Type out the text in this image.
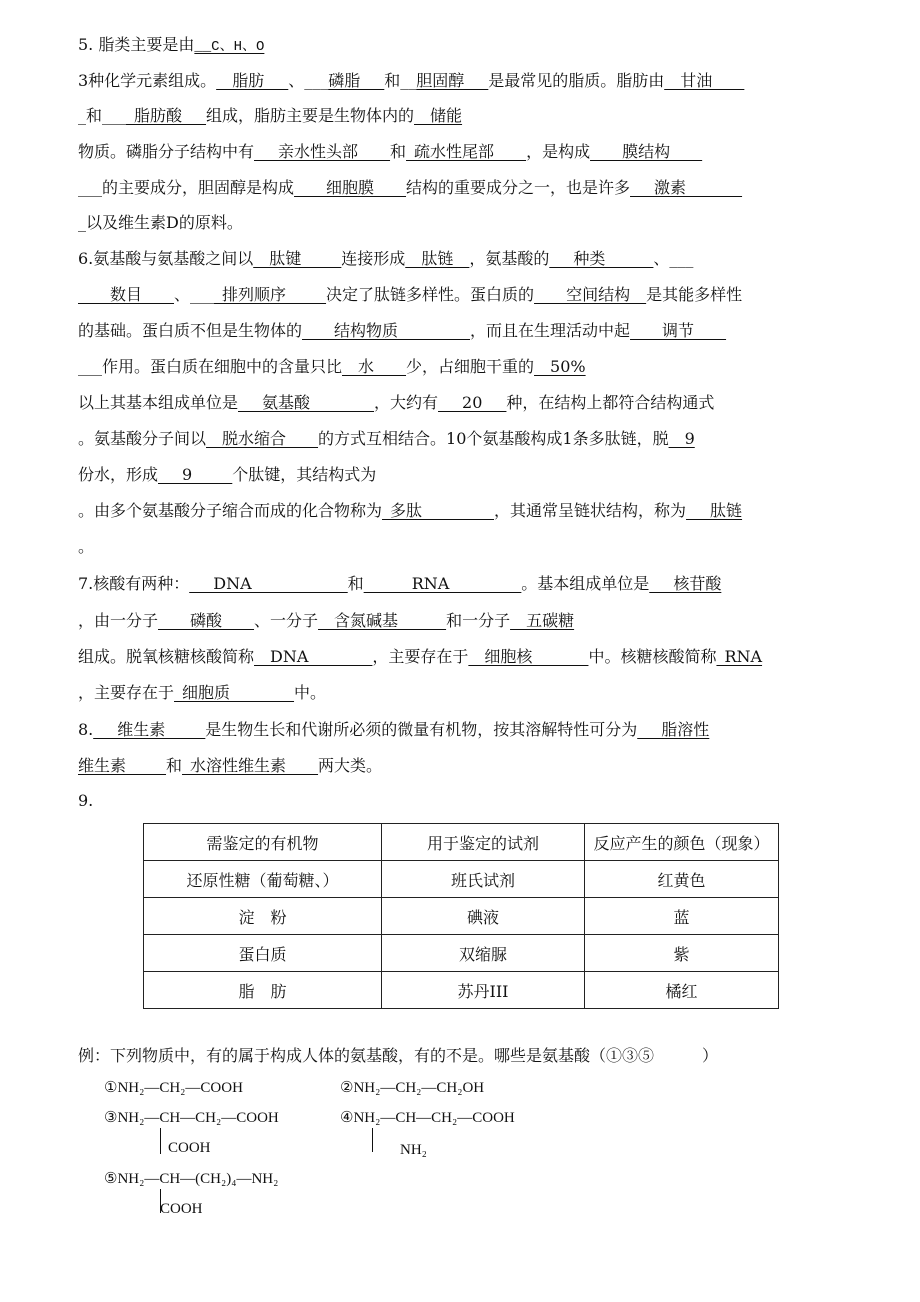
5. 脂类主要是由__C、H、O
3种化学元素组成。__脂肪___、___磷脂___和__胆固醇___是最常见的脂质。脂肪由__甘油____
_和____脂肪酸___组成，脂肪主要是生物体内的__储能
物质。磷脂分子结构中有___亲水性头部____和_疏水性尾部____，是构成____膜结构____
___的主要成分，胆固醇是构成____细胞膜____结构的重要成分之一，也是许多___激素_______
_以及维生素D的原料。
6.氨基酸与氨基酸之间以__肽键_____连接形成__肽链__，氨基酸的___种类______、___
____数目____、____排列顺序_____决定了肽链多样性。蛋白质的____空间结构__是其能多样性
的基础。蛋白质不但是生物体的____结构物质_________，而且在生理活动中起____调节____
___作用。蛋白质在细胞中的含量只比__水____少，占细胞干重的__50%
以上其基本组成单位是___氨基酸________，大约有___20___种，在结构上都符合结构通式
。氨基酸分子间以__脱水缩合____的方式互相结合。10个氨基酸构成1条多肽链，脱__9
份水，形成___9_____个肽键，其结构式为
。由多个氨基酸分子缩合而成的化合物称为_多肽_________，其通常呈链状结构，称为___肽链
。
7.核酸有两种：___DNA____________和______RNA_________。基本组成单位是___核苷酸
，由一分子____磷酸____、一分子__含氮碱基______和一分子__五碳糖
组成。脱氧核糖核酸简称__DNA________，主要存在于__细胞核_______中。核糖核酸简称_RNA
，主要存在于_细胞质________中。
8.___维生素_____是生物生长和代谢所必须的微量有机物，按其溶解特性可分为___脂溶性
维生素_____和_水溶性维生素____两大类。
9.
需鉴定的有机物	用于鉴定的试剂	反应产生的颜色（现象）
还原性糖（葡萄糖、）	班氏试剂	红黄色
淀　粉	碘液	蓝
蛋白质	双缩脲	紫
脂　肪	苏丹III	橘红
例：下列物质中，有的属于构成人体的氨基酸，有的不是。哪些是氨基酸（①③⑤　　　）
①NH₂—CH₂—COOH	②NH₂—CH₂—CH₂OH
③NH₂—CH—CH₂—COOH
COOH
④NH₂—CH—CH₂—COOH
NH₂
⑤NH₂—CH—(CH₂)₄—NH₂
COOH
